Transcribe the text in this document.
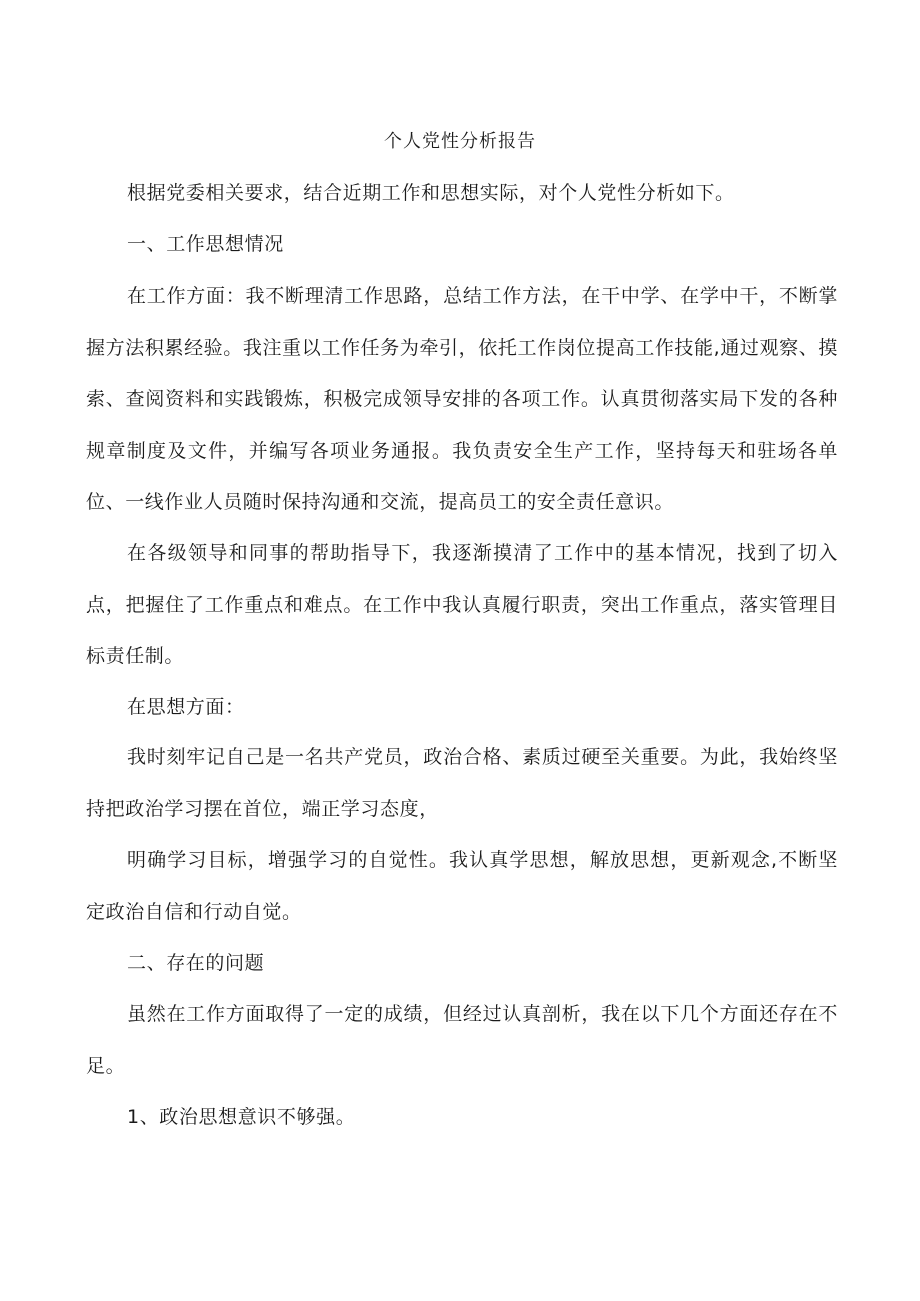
个人党性分析报告

根据党委相关要求，结合近期工作和思想实际，对个人党性分析如下。

一、工作思想情况

在工作方面：我不断理清工作思路，总结工作方法，在干中学、在学中干，不断掌握方法积累经验。我注重以工作任务为牵引，依托工作岗位提高工作技能,通过观察、摸索、查阅资料和实践锻炼，积极完成领导安排的各项工作。认真贯彻落实局下发的各种规章制度及文件，并编写各项业务通报。我负责安全生产工作，坚持每天和驻场各单位、一线作业人员随时保持沟通和交流，提高员工的安全责任意识。

在各级领导和同事的帮助指导下，我逐渐摸清了工作中的基本情况，找到了切入点，把握住了工作重点和难点。在工作中我认真履行职责，突出工作重点，落实管理目标责任制。

在思想方面：

我时刻牢记自己是一名共产党员，政治合格、素质过硬至关重要。为此，我始终坚持把政治学习摆在首位，端正学习态度，

明确学习目标，增强学习的自觉性。我认真学思想，解放思想，更新观念,不断坚定政治自信和行动自觉。

二、存在的问题

虽然在工作方面取得了一定的成绩，但经过认真剖析，我在以下几个方面还存在不足。

1、政治思想意识不够强。
